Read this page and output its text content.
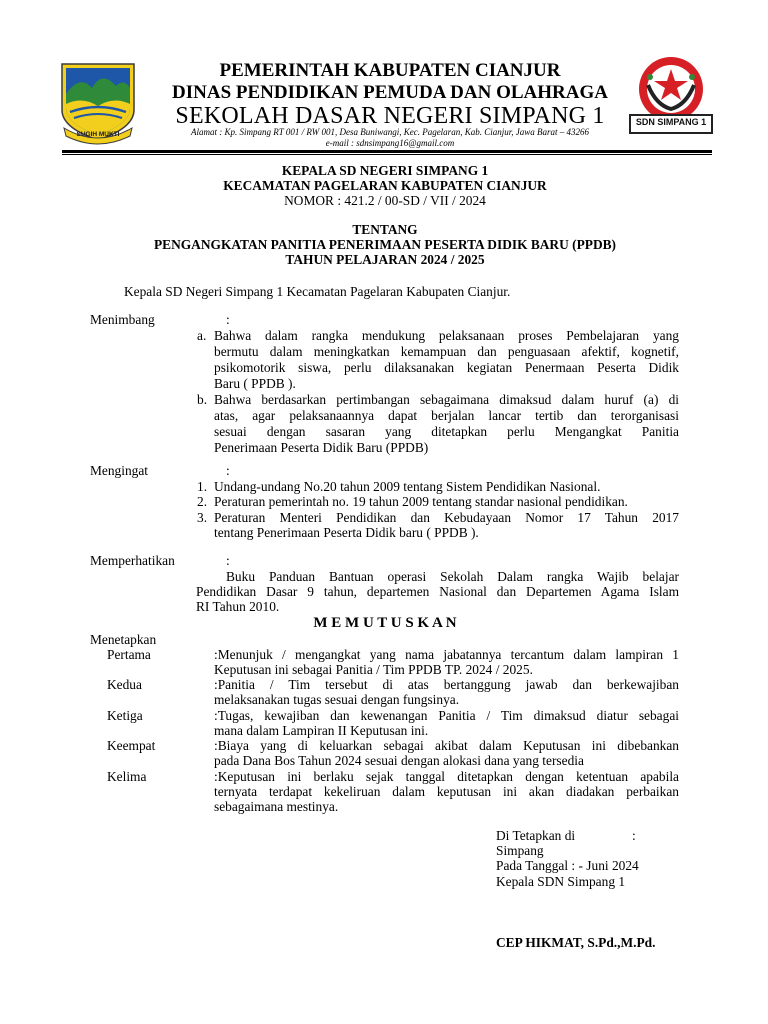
SUGIH MUKTI
SDN SIMPANG 1
PEMERINTAH KABUPATEN CIANJUR
DINAS PENDIDIKAN PEMUDA DAN OLAHRAGA
SEKOLAH DASAR NEGERI SIMPANG 1
Alamat : Kp. Simpang RT 001 / RW 001, Desa Buniwangi, Kec. Pagelaran, Kab. Cianjur, Jawa Barat – 43266
e-mail : sdnsimpang16@gmail.com
KEPALA SD NEGERI SIMPANG 1
KECAMATAN PAGELARAN KABUPATEN CIANJUR
NOMOR : 421.2 / 00-SD / VII / 2024
TENTANG
PENGANGKATAN PANITIA PENERIMAAN PESERTA DIDIK BARU (PPDB)
TAHUN PELAJARAN 2024 / 2025
Kepala SD Negeri Simpang 1 Kecamatan Pagelaran Kabupaten Cianjur.
Menimbang	:
a. Bahwa dalam rangka mendukung pelaksanaan proses Pembelajaran yang
bermutu dalam meningkatkan kemampuan dan penguasaan afektif, kognetif,
psikomotorik siswa, perlu dilaksanakan kegiatan Penermaan Peserta Didik
Baru ( PPDB ).
b. Bahwa berdasarkan pertimbangan sebagaimana dimaksud dalam huruf (a) di
atas, agar pelaksanaannya dapat berjalan lancar tertib dan terorganisasi
sesuai dengan sasaran yang ditetapkan perlu Mengangkat Panitia
Penerimaan Peserta Didik Baru (PPDB)
Mengingat	:
1. Undang-undang No.20 tahun 2009 tentang Sistem Pendidikan Nasional.
2. Peraturan pemerintah no. 19 tahun 2009 tentang standar nasional pendidikan.
3. Peraturan Menteri Pendidikan dan Kebudayaan Nomor 17 Tahun 2017
tentang Penerimaan Peserta Didik baru ( PPDB ).
Memperhatikan	:
Buku Panduan Bantuan operasi Sekolah Dalam rangka Wajib belajar
Pendidikan Dasar 9 tahun, departemen Nasional dan Departemen Agama Islam
RI Tahun 2010.
M E M U T U S K A N
Menetapkan
Pertama	:Menunjuk / mengangkat yang nama jabatannya tercantum dalam lampiran 1
Keputusan ini sebagai Panitia / Tim PPDB TP. 2024 / 2025.
Kedua	:Panitia / Tim tersebut di atas bertanggung jawab dan berkewajiban
melaksanakan tugas sesuai dengan fungsinya.
Ketiga	:Tugas, kewajiban dan kewenangan Panitia / Tim dimaksud diatur sebagai
mana dalam Lampiran II Keputusan ini.
Keempat	:Biaya yang di keluarkan sebagai akibat dalam Keputusan ini dibebankan
pada Dana Bos Tahun 2024 sesuai dengan alokasi dana yang tersedia
Kelima	:Keputusan ini berlaku sejak tanggal ditetapkan dengan ketentuan apabila
ternyata terdapat kekeliruan dalam keputusan ini akan diadakan perbaikan
sebagaimana mestinya.
Di Tetapkan di	:
Simpang
Pada Tanggal : - Juni 2024
Kepala SDN Simpang 1
CEP HIKMAT, S.Pd.,M.Pd.
